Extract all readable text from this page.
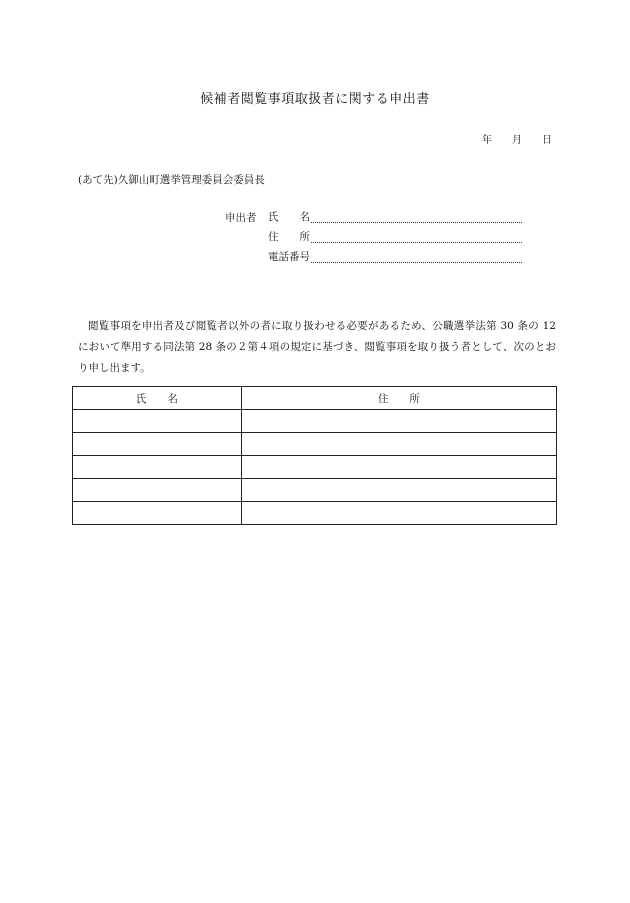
候補者閲覧事項取扱者に関する申出書
年　　月　　日
(あて先)久御山町選挙管理委員会委員長
申出者 氏　　名
住　　所
電話番号

閲覧事項を申出者及び閲覧者以外の者に取り扱わせる必要があるため、公職選挙法第 30 条の 12 において準用する同法第 28 条の２第４項の規定に基づき、閲覧事項を取り扱う者として、次のとおり申し出ます。

氏　　名	住　　所
